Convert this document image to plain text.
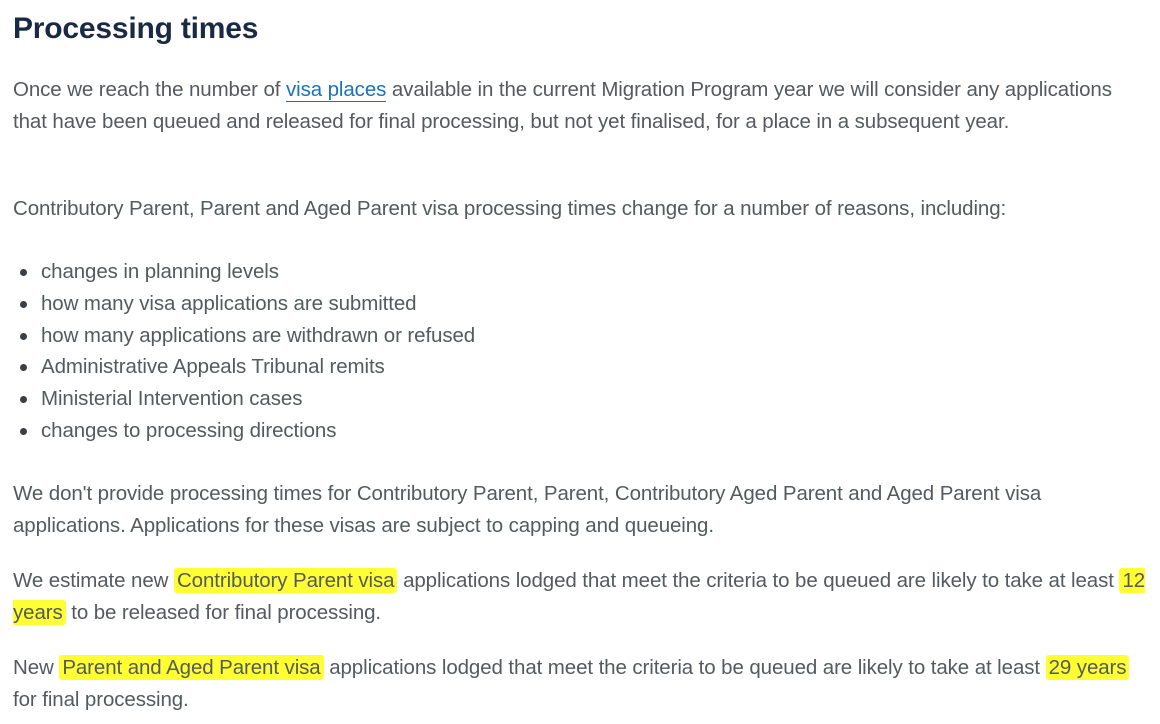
Processing times

Once we reach the number of visa places available in the current Migration Program year we will consider any applications that have been queued and released for final processing, but not yet finalised, for a place in a subsequent year.

Contributory Parent, Parent and Aged Parent visa processing times change for a number of reasons, including:

changes in planning levels
how many visa applications are submitted
how many applications are withdrawn or refused
Administrative Appeals Tribunal remits
Ministerial Intervention cases
changes to processing directions

We don't provide processing times for Contributory Parent, Parent, Contributory Aged Parent and Aged Parent visa applications. Applications for these visas are subject to capping and queueing.

We estimate new Contributory Parent visa applications lodged that meet the criteria to be queued are likely to take at least 12 years to be released for final processing.

New Parent and Aged Parent visa applications lodged that meet the criteria to be queued are likely to take at least 29 years for final processing.
